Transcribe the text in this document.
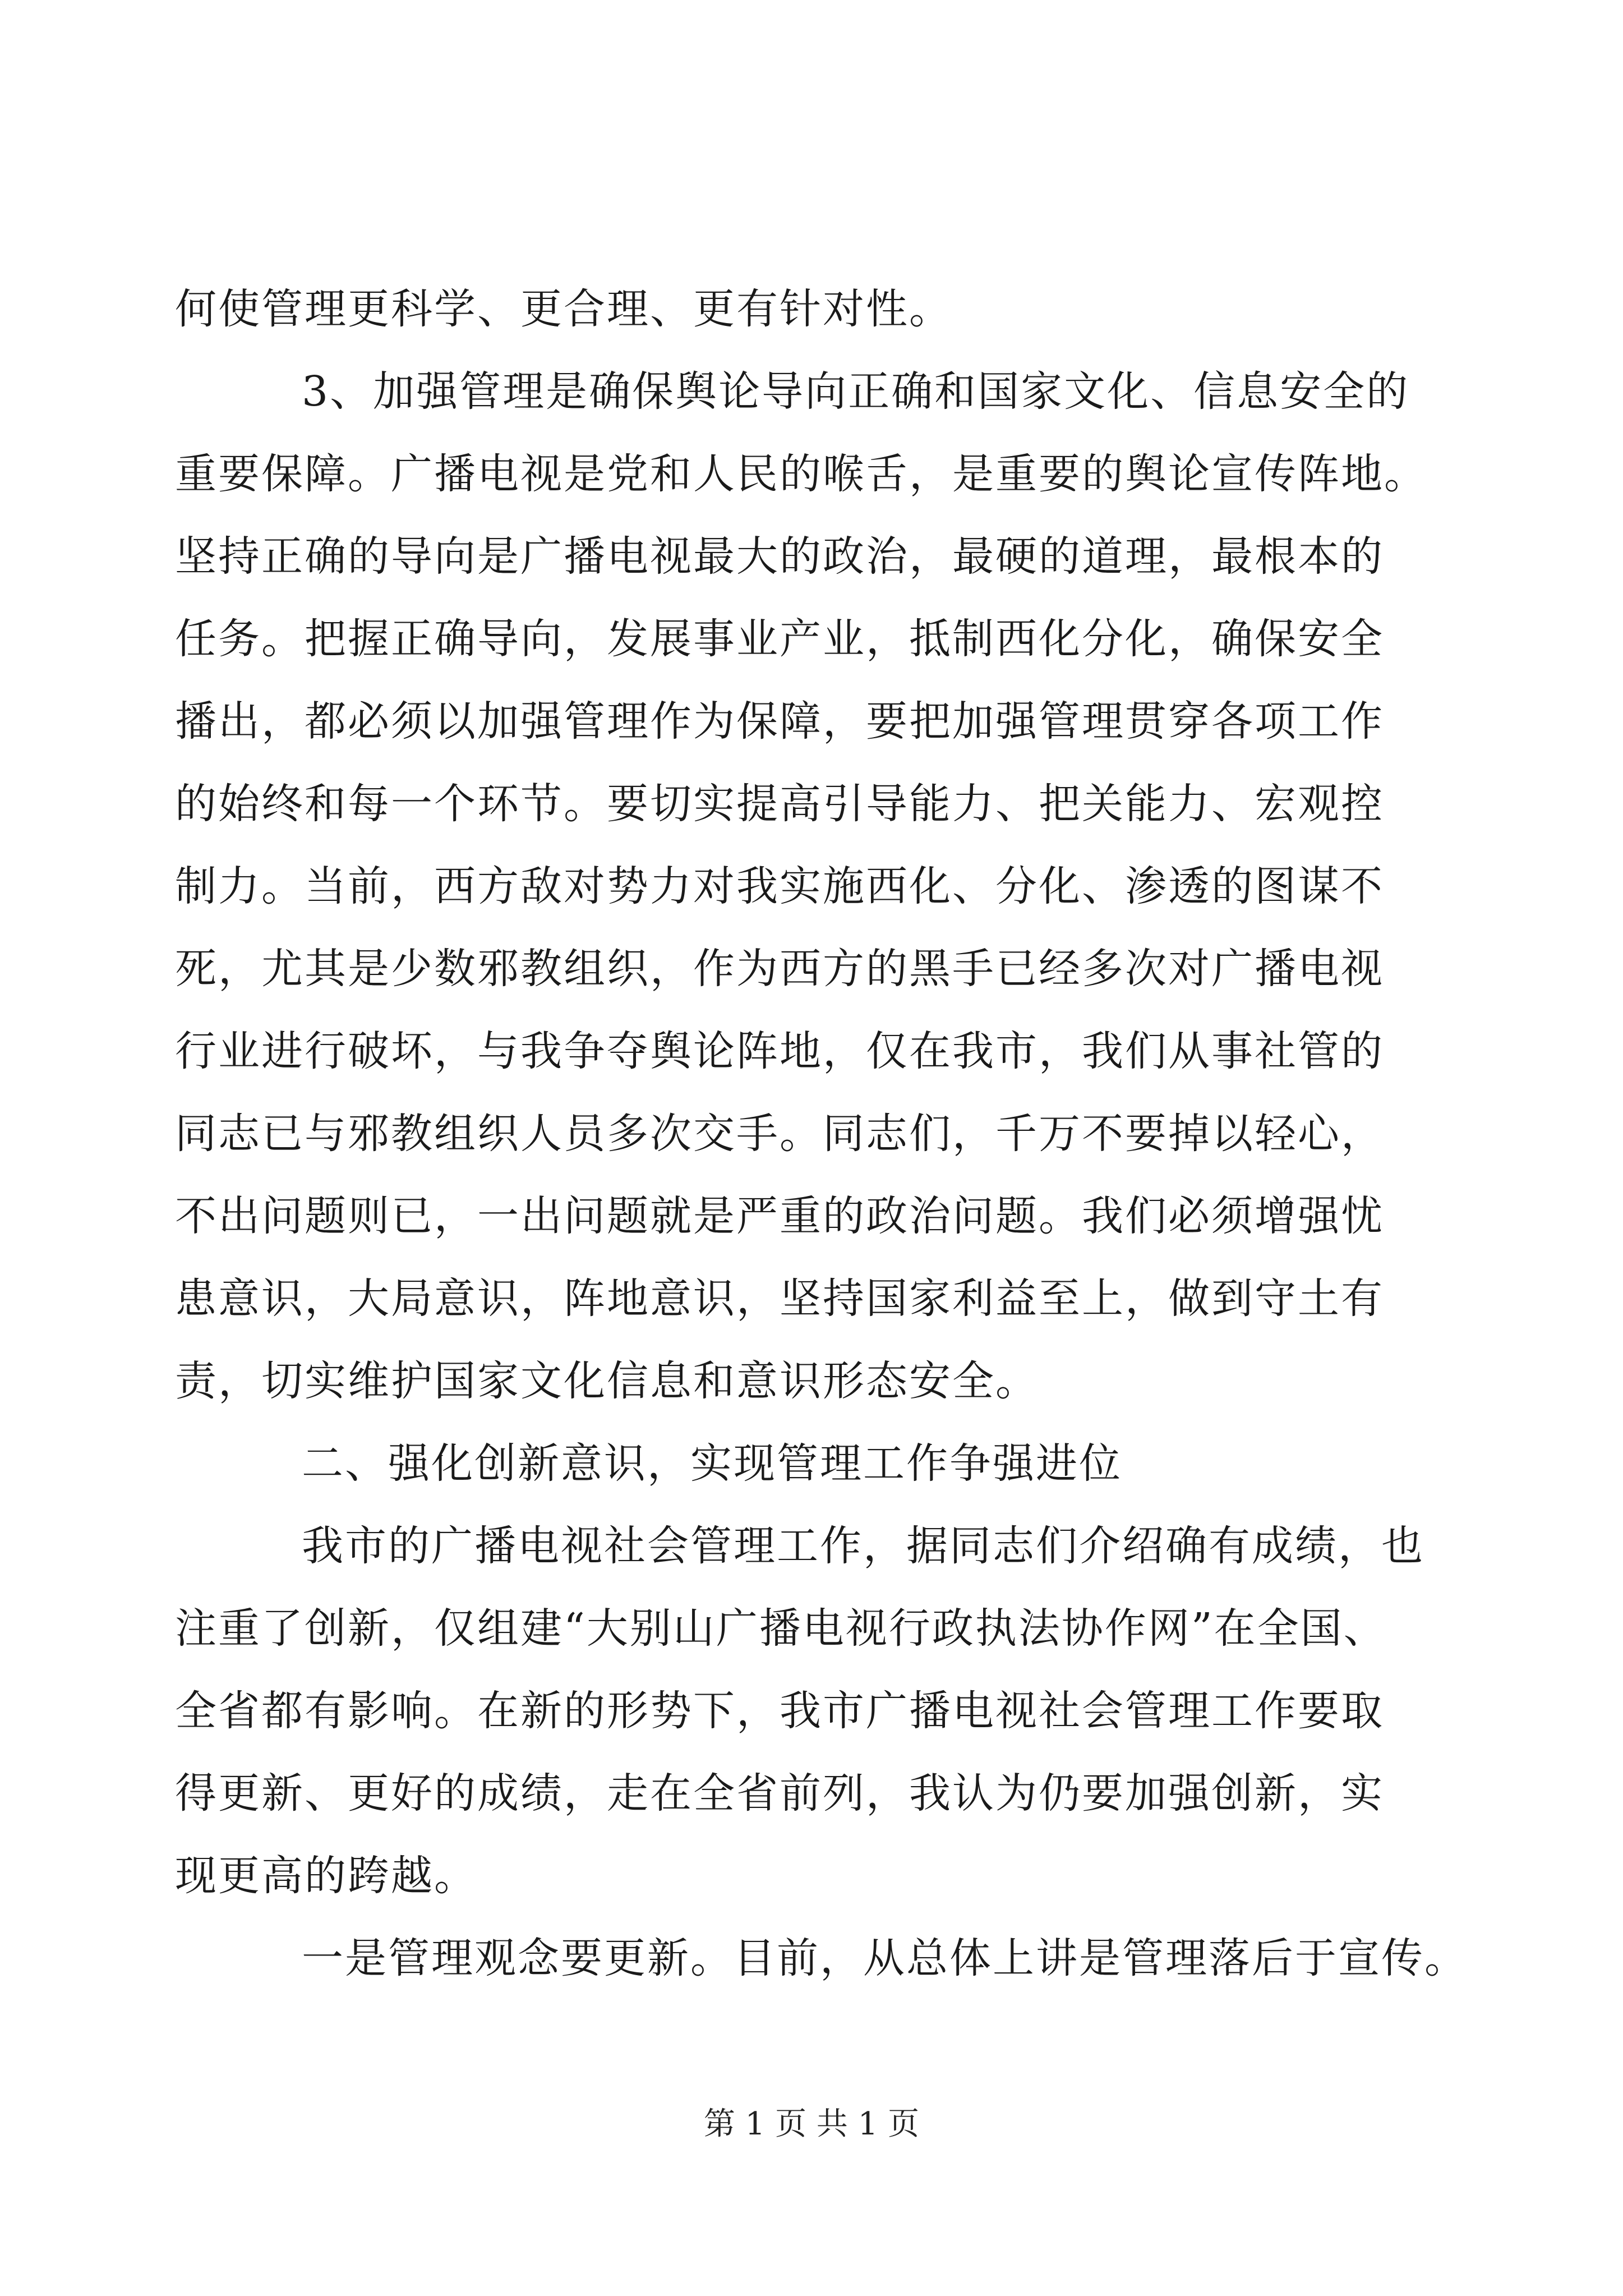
何使管理更科学、更合理、更有针对性。
3、加强管理是确保舆论导向正确和国家文化、信息安全的
重要保障。广播电视是党和人民的喉舌，是重要的舆论宣传阵地。
坚持正确的导向是广播电视最大的政治，最硬的道理，最根本的
任务。把握正确导向，发展事业产业，抵制西化分化，确保安全
播出，都必须以加强管理作为保障，要把加强管理贯穿各项工作
的始终和每一个环节。要切实提高引导能力、把关能力、宏观控
制力。当前，西方敌对势力对我实施西化、分化、渗透的图谋不
死，尤其是少数邪教组织，作为西方的黑手已经多次对广播电视
行业进行破坏，与我争夺舆论阵地，仅在我市，我们从事社管的
同志已与邪教组织人员多次交手。同志们，千万不要掉以轻心，
不出问题则已，一出问题就是严重的政治问题。我们必须增强忧
患意识，大局意识，阵地意识，坚持国家利益至上，做到守土有
责，切实维护国家文化信息和意识形态安全。
二、强化创新意识，实现管理工作争强进位
我市的广播电视社会管理工作，据同志们介绍确有成绩，也
注重了创新，仅组建“大别山广播电视行政执法协作网”在全国、
全省都有影响。在新的形势下，我市广播电视社会管理工作要取
得更新、更好的成绩，走在全省前列，我认为仍要加强创新，实
现更高的跨越。
一是管理观念要更新。目前，从总体上讲是管理落后于宣传。
第 1 页 共 1 页
